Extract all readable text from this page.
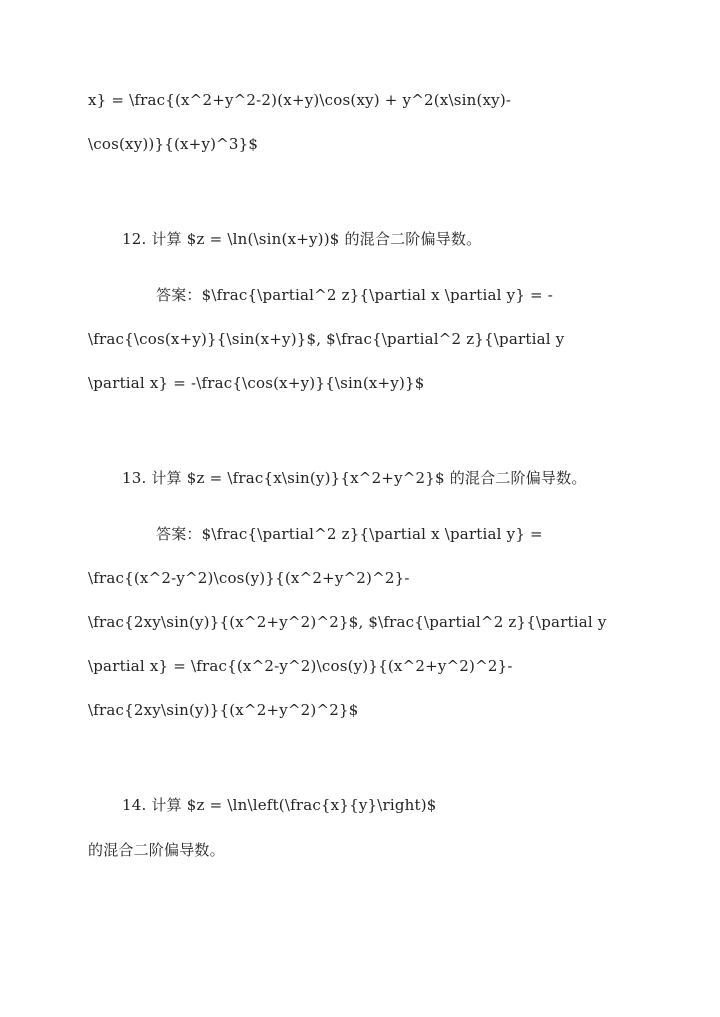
x} = \frac{(x^2+y^2-2)(x+y)\cos(xy) + y^2(x\sin(xy)-
\cos(xy))}{(x+y)^3}$
12. 计算 $z = \ln(\sin(x+y))$ 的混合二阶偏导数。
答案：$\frac{\partial^2 z}{\partial x \partial y} = -
\frac{\cos(x+y)}{\sin(x+y)}$, $\frac{\partial^2 z}{\partial y
\partial x} = -\frac{\cos(x+y)}{\sin(x+y)}$
13. 计算 $z = \frac{x\sin(y)}{x^2+y^2}$ 的混合二阶偏导数。
答案：$\frac{\partial^2 z}{\partial x \partial y} =
\frac{(x^2-y^2)\cos(y)}{(x^2+y^2)^2}-
\frac{2xy\sin(y)}{(x^2+y^2)^2}$, $\frac{\partial^2 z}{\partial y
\partial x} = \frac{(x^2-y^2)\cos(y)}{(x^2+y^2)^2}-
\frac{2xy\sin(y)}{(x^2+y^2)^2}$
14. 计算 $z = \ln\left(\frac{x}{y}\right)$
的混合二阶偏导数。
